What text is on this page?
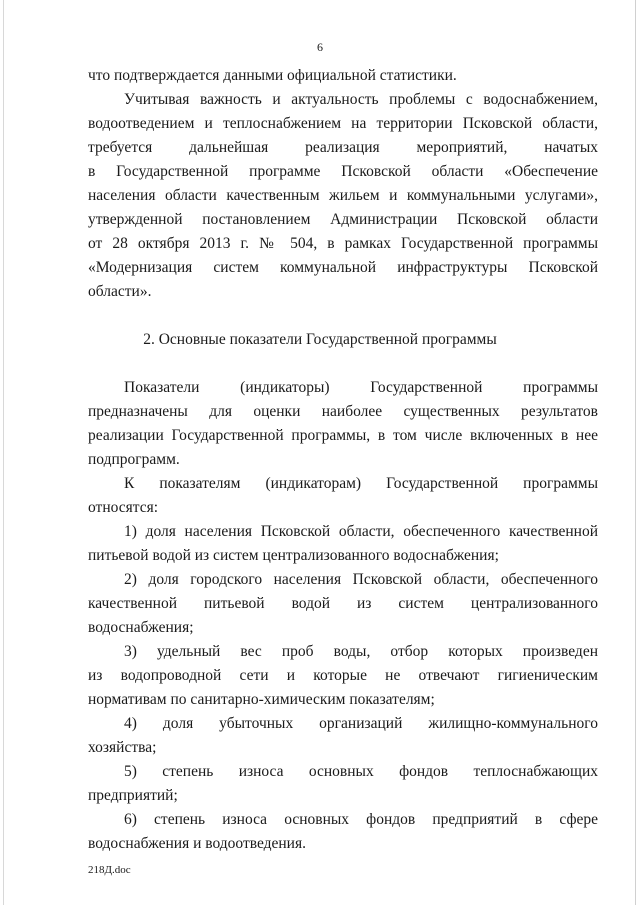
6
что подтверждается данными официальной статистики.
Учитывая важность и актуальность проблемы с водоснабжением,
водоотведением и теплоснабжением на территории Псковской области,
требуется дальнейшая реализация мероприятий, начатых
в Государственной программе Псковской области «Обеспечение
населения области качественным жильем и коммунальными услугами»,
утвержденной постановлением Администрации Псковской области
от 28 октября 2013 г. № 504, в рамках Государственной программы
«Модернизация систем коммунальной инфраструктуры Псковской
области».
2. Основные показатели Государственной программы
Показатели (индикаторы) Государственной программы
предназначены для оценки наиболее существенных результатов
реализации Государственной программы, в том числе включенных в нее
подпрограмм.
К показателям (индикаторам) Государственной программы
относятся:
1) доля населения Псковской области, обеспеченного качественной
питьевой водой из систем централизованного водоснабжения;
2) доля городского населения Псковской области, обеспеченного
качественной питьевой водой из систем централизованного
водоснабжения;
3) удельный вес проб воды, отбор которых произведен
из водопроводной сети и которые не отвечают гигиеническим
нормативам по санитарно-химическим показателям;
4) доля убыточных организаций жилищно-коммунального
хозяйства;
5) степень износа основных фондов теплоснабжающих
предприятий;
6) степень износа основных фондов предприятий в сфере
водоснабжения и водоотведения.
218Д.doc
